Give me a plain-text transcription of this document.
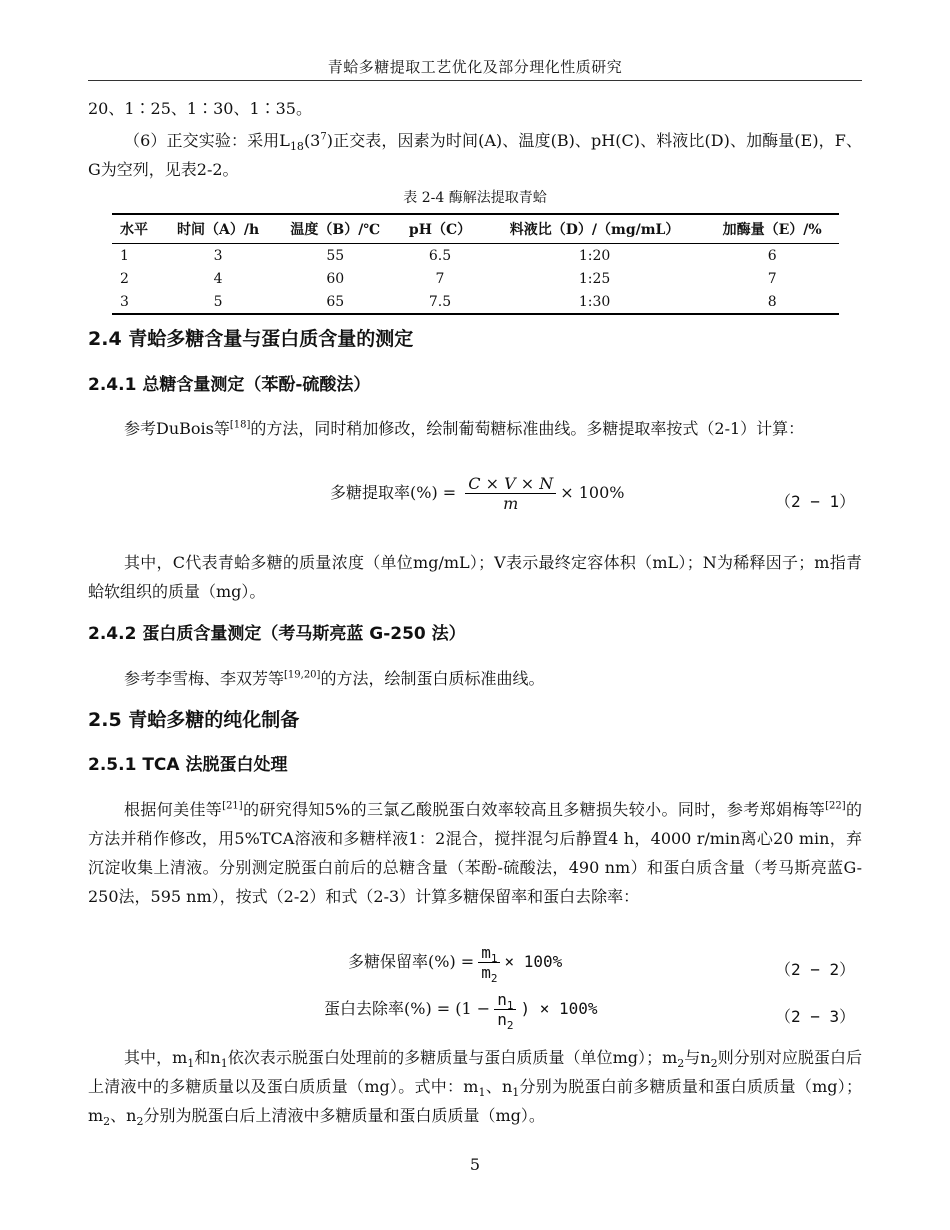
青蛤多糖提取工艺优化及部分理化性质研究
20、1∶25、1∶30、1∶35。
（6）正交实验：采用$L_{18}(3^7)$正交表，因素为时间(A)、温度(B)、pH(C)、料液比(D)、加酶量(E)，F、G为空列，见表2-2。
表 2-4 酶解法提取青蛤
水平	时间（A）/h	温度（B）/℃	pH（C）	料液比（D）/（mg/mL）	加酶量（E）/%
1	3	55	6.5	1:20	6
2	4	60	7	1:25	7
3	5	65	7.5	1:30	8
2.4 青蛤多糖含量与蛋白质含量的测定
2.4.1 总糖含量测定（苯酚-硫酸法）
参考DuBois等[18]的方法，同时稍加修改，绘制葡萄糖标准曲线。多糖提取率按式（2-1）计算：
多糖提取率(%) = $\frac{C \times V \times N}{m} \times 100\%$	（2 − 1）
其中，C代表青蛤多糖的质量浓度（单位mg/mL）；V表示最终定容体积（mL）；N为稀释因子；m指青蛤软组织的质量（mg）。
2.4.2 蛋白质含量测定（考马斯亮蓝 G-250 法）
参考李雪梅、李双芳等[19,20]的方法，绘制蛋白质标准曲线。
2.5 青蛤多糖的纯化制备
2.5.1 TCA 法脱蛋白处理
根据何美佳等[21]的研究得知5%的三氯乙酸脱蛋白效率较高且多糖损失较小。同时，参考郑娟梅等[22]的方法并稍作修改，用5%TCA溶液和多糖样液1：2混合，搅拌混匀后静置4 h，4000 r/min离心20 min，弃沉淀收集上清液。分别测定脱蛋白前后的总糖含量（苯酚-硫酸法，490 nm）和蛋白质含量（考马斯亮蓝G-250法，595 nm），按式（2-2）和式（2-3）计算多糖保留率和蛋白去除率：
多糖保留率(%) = $\frac{m_1}{m_2} \times 100\%$	（2 − 2）
蛋白去除率(%) = ($1 - \frac{n_1}{n_2}$ ) × 100%	（2 − 3）
其中，$m_1$和$n_1$依次表示脱蛋白处理前的多糖质量与蛋白质质量（单位mg）；$m_2$与$n_2$则分别对应脱蛋白后上清液中的多糖质量以及蛋白质质量（mg）。式中：$m_1$、$n_1$分别为脱蛋白前多糖质量和蛋白质质量（mg）；$m_2$、$n_2$分别为脱蛋白后上清液中多糖质量和蛋白质质量（mg）。
5
